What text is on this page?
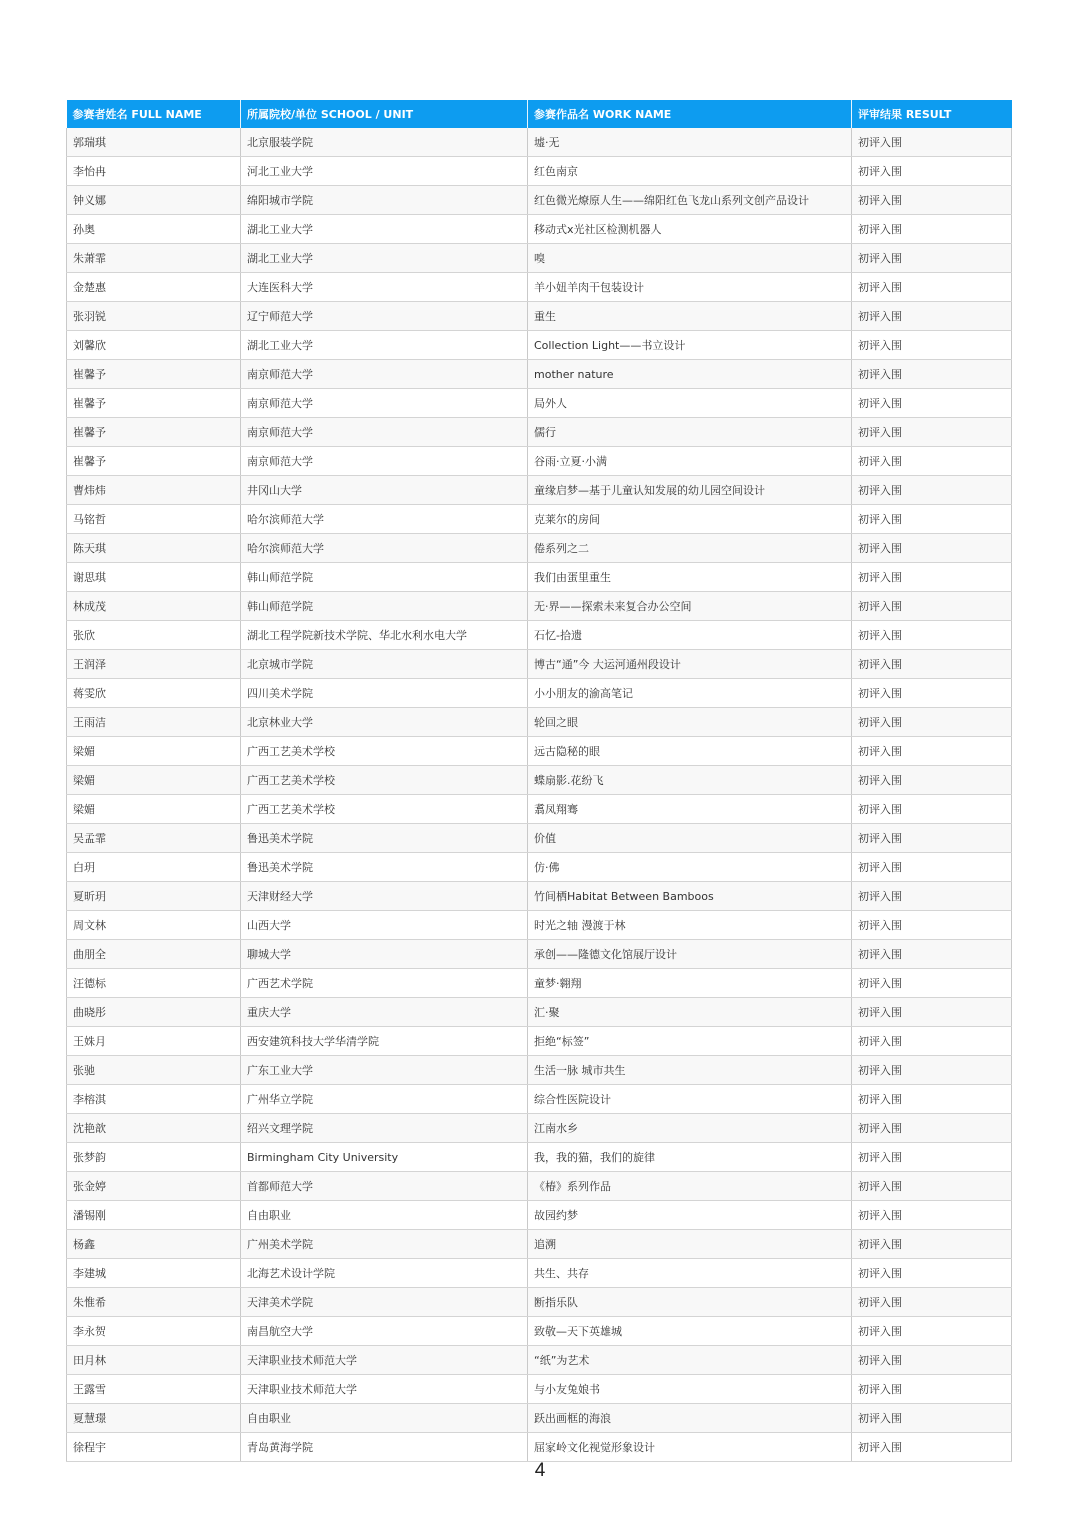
参赛者姓名 FULL NAME	所属院校/单位 SCHOOL / UNIT	参赛作品名 WORK NAME	评审结果 RESULT
郭瑞琪	北京服装学院	墟·无	初评入围
李怡冉	河北工业大学	红色南京	初评入围
钟义娜	绵阳城市学院	红色微光燎原人生——绵阳红色飞龙山系列文创产品设计	初评入围
孙奥	湖北工业大学	移动式x光社区检测机器人	初评入围
朱萧霏	湖北工业大学	嗅	初评入围
金楚惠	大连医科大学	羊小妞羊肉干包装设计	初评入围
张羽锐	辽宁师范大学	重生	初评入围
刘馨欣	湖北工业大学	Collection Light——书立设计	初评入围
崔馨予	南京师范大学	mother nature	初评入围
崔馨予	南京师范大学	局外人	初评入围
崔馨予	南京师范大学	儒行	初评入围
崔馨予	南京师范大学	谷雨·立夏·小满	初评入围
曹炜炜	井冈山大学	童缘启梦—基于儿童认知发展的幼儿园空间设计	初评入围
马铭哲	哈尔滨师范大学	克莱尔的房间	初评入围
陈天琪	哈尔滨师范大学	倦系列之二	初评入围
谢思琪	韩山师范学院	我们由蛋里重生	初评入围
林成茂	韩山师范学院	无·界——探索未来复合办公空间	初评入围
张欣	湖北工程学院新技术学院、华北水利水电大学	石忆-拾遗	初评入围
王润泽	北京城市学院	博古“通”今 大运河通州段设计	初评入围
蒋雯欣	四川美术学院	小小朋友的渝高笔记	初评入围
王雨洁	北京林业大学	轮回之眼	初评入围
梁媚	广西工艺美术学校	远古隐秘的眼	初评入围
梁媚	广西工艺美术学校	蝶扇影.花纷飞	初评入围
梁媚	广西工艺美术学校	翥凤翔骞	初评入围
吴孟霏	鲁迅美术学院	价值	初评入围
白玥	鲁迅美术学院	仿·佛	初评入围
夏昕玥	天津财经大学	竹间栖Habitat Between Bamboos	初评入围
周文林	山西大学	时光之轴 漫渡于林	初评入围
曲朋全	聊城大学	承创——隆德文化馆展厅设计	初评入围
汪德标	广西艺术学院	童梦·翱翔	初评入围
曲晓彤	重庆大学	汇·聚	初评入围
王姝月	西安建筑科技大学华清学院	拒绝“标签”	初评入围
张驰	广东工业大学	生活一脉 城市共生	初评入围
李榕淇	广州华立学院	综合性医院设计	初评入围
沈艳歆	绍兴文理学院	江南水乡	初评入围
张梦韵	Birmingham City University	我，我的猫，我们的旋律	初评入围
张金婷	首都师范大学	《椿》系列作品	初评入围
潘锡刚	自由职业	故园约梦	初评入围
杨鑫	广州美术学院	追溯	初评入围
李建城	北海艺术设计学院	共生、共存	初评入围
朱惟希	天津美术学院	断指乐队	初评入围
李永贺	南昌航空大学	致敬—天下英雄城	初评入围
田月林	天津职业技术师范大学	“纸”为艺术	初评入围
王露雪	天津职业技术师范大学	与小友兔娘书	初评入围
夏慧璟	自由职业	跃出画框的海浪	初评入围
徐程宇	青岛黄海学院	屈家岭文化视觉形象设计	初评入围
4
